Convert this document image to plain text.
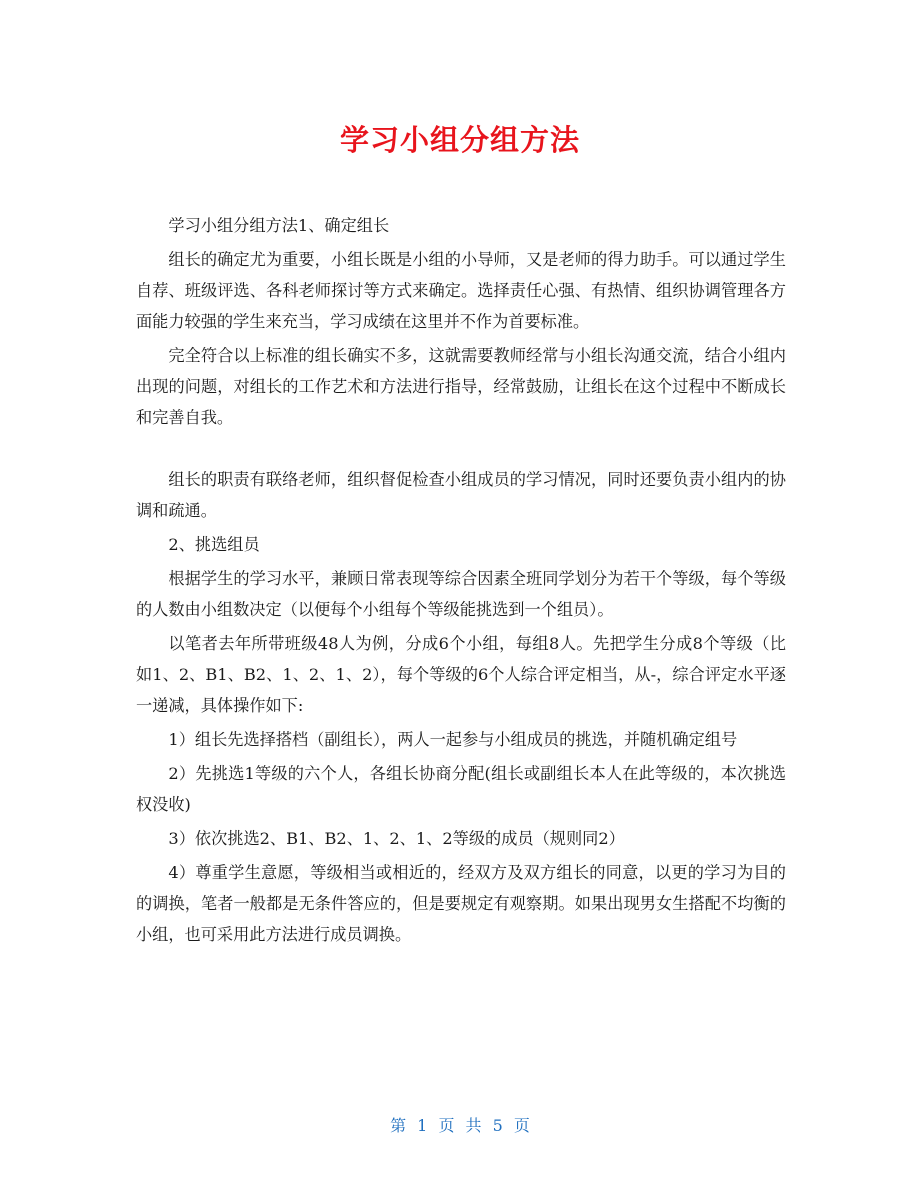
学习小组分组方法

学习小组分组方法1、确定组长

组长的确定尤为重要，小组长既是小组的小导师，又是老师的得力助手。可以通过学生自荐、班级评选、各科老师探讨等方式来确定。选择责任心强、有热情、组织协调管理各方面能力较强的学生来充当，学习成绩在这里并不作为首要标准。

完全符合以上标准的组长确实不多，这就需要教师经常与小组长沟通交流，结合小组内出现的问题，对组长的工作艺术和方法进行指导，经常鼓励，让组长在这个过程中不断成长和完善自我。

组长的职责有联络老师，组织督促检查小组成员的学习情况，同时还要负责小组内的协调和疏通。

2、挑选组员

根据学生的学习水平，兼顾日常表现等综合因素全班同学划分为若干个等级，每个等级的人数由小组数决定（以便每个小组每个等级能挑选到一个组员）。

以笔者去年所带班级48人为例，分成6个小组，每组8人。先把学生分成8个等级（比如1、2、B1、B2、1、2、1、2），每个等级的6个人综合评定相当，从-，综合评定水平逐一递减，具体操作如下:

1）组长先选择搭档（副组长），两人一起参与小组成员的挑选，并随机确定组号

2）先挑选1等级的六个人，各组长协商分配(组长或副组长本人在此等级的，本次挑选权没收)

3）依次挑选2、B1、B2、1、2、1、2等级的成员（规则同2）

4）尊重学生意愿，等级相当或相近的，经双方及双方组长的同意，以更的学习为目的的调换，笔者一般都是无条件答应的，但是要规定有观察期。如果出现男女生搭配不均衡的小组，也可采用此方法进行成员调换。

第 1 页 共 5 页
